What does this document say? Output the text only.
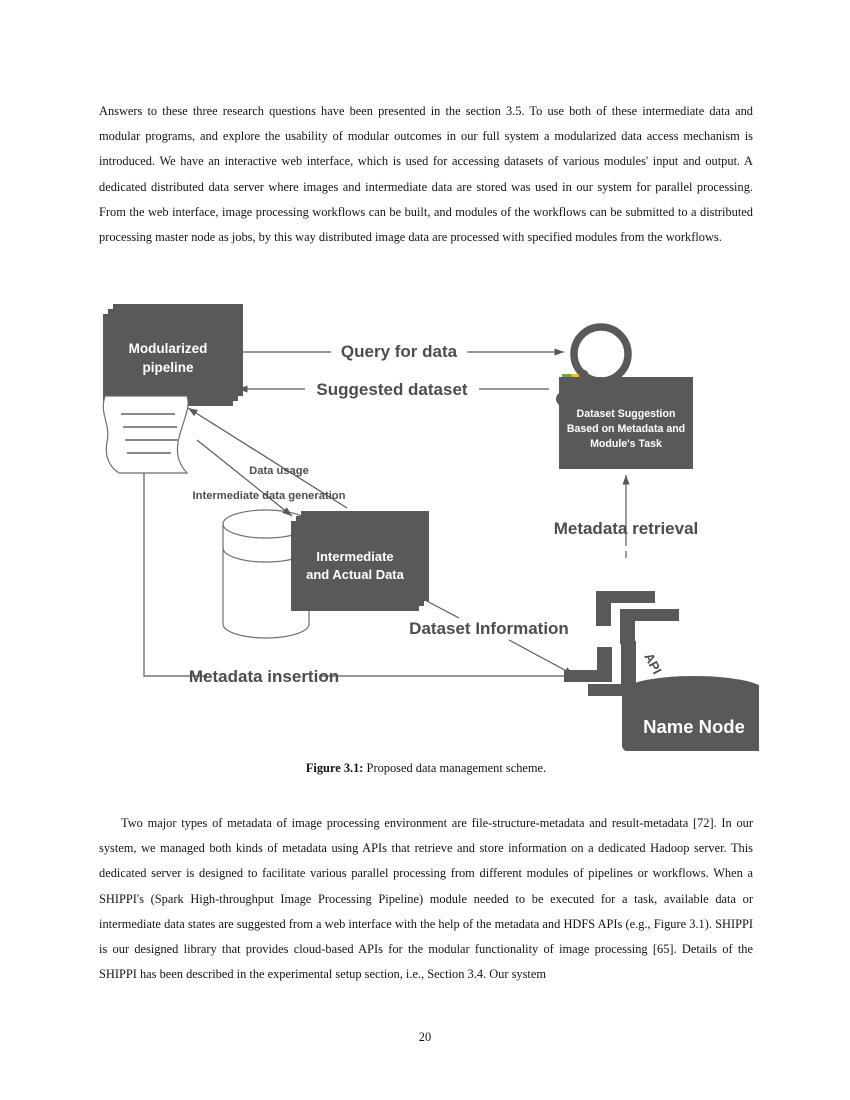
Answers to these three research questions have been presented in the section 3.5. To use both of these intermediate data and modular programs, and explore the usability of modular outcomes in our full system a modularized data access mechanism is introduced. We have an interactive web interface, which is used for accessing datasets of various modules' input and output. A dedicated distributed data server where images and intermediate data are stored was used in our system for parallel processing. From the web interface, image processing workflows can be built, and modules of the workflows can be submitted to a distributed processing master node as jobs, by this way distributed image data are processed with specified modules from the workflows.

Modularized
pipeline
Query for data
Suggested dataset
Dataset Suggestion
Based on Metadata and
Module's Task
Metadata retrieval
Intermediate
and Actual Data
Data usage
Intermediate data generation
Dataset Information
Metadata insertion	API
Name Node
Figure 3.1: Proposed data management scheme.

Two major types of metadata of image processing environment are file-structure-metadata and result-metadata [72]. In our system, we managed both kinds of metadata using APIs that retrieve and store information on a dedicated Hadoop server. This dedicated server is designed to facilitate various parallel processing from different modules of pipelines or workflows. When a SHIPPI's (Spark High-throughput Image Processing Pipeline) module needed to be executed for a task, available data or intermediate data states are suggested from a web interface with the help of the metadata and HDFS APIs (e.g., Figure 3.1). SHIPPI is our designed library that provides cloud-based APIs for the modular functionality of image processing [65]. Details of the SHIPPI has been described in the experimental setup section, i.e., Section 3.4. Our system

20
